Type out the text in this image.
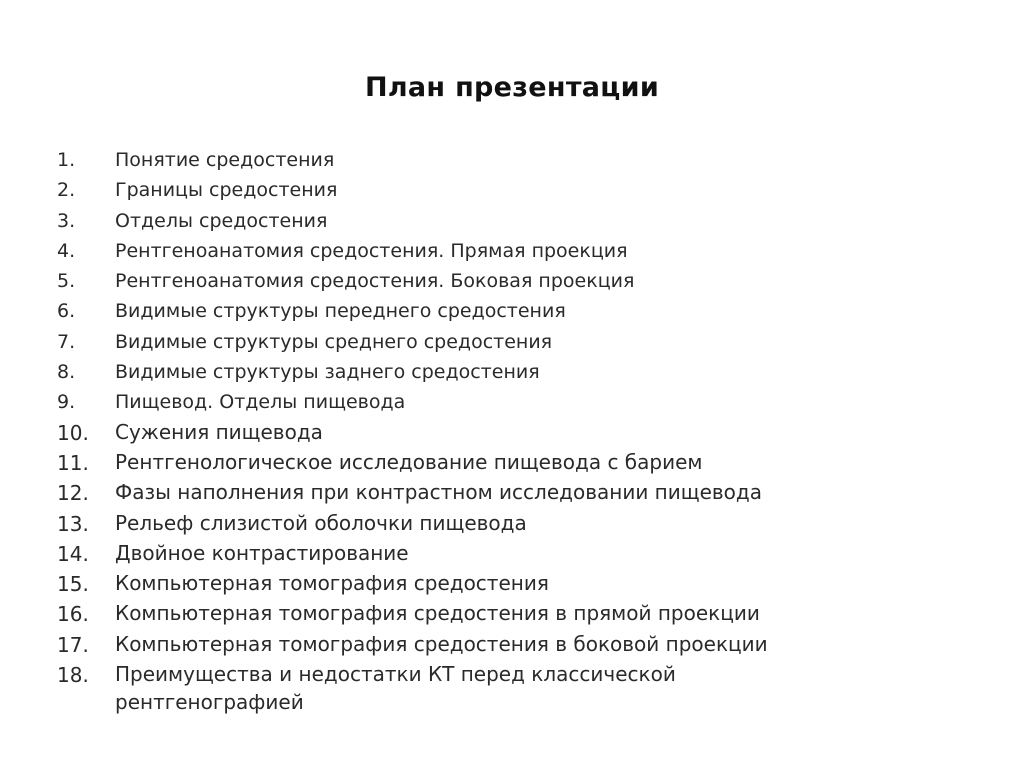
План презентации
1.	Понятие средостения
2.	Границы средостения
3.	Отделы средостения
4.	Рентгеноанатомия средостения. Прямая проекция
5.	Рентгеноанатомия средостения. Боковая проекция
6.	Видимые структуры переднего средостения
7.	Видимые структуры среднего средостения
8.	Видимые структуры заднего средостения
9.	Пищевод. Отделы пищевода
10.	Сужения пищевода
11.	Рентгенологическое исследование пищевода с барием
12.	Фазы наполнения при контрастном исследовании пищевода
13.	Рельеф слизистой оболочки пищевода
14.	Двойное контрастирование
15.	Компьютерная томография средостения
16.	Компьютерная томография средостения в прямой проекции
17.	Компьютерная томография средостения в боковой проекции
18.	Преимущества и недостатки КТ перед классической рентгенографией
